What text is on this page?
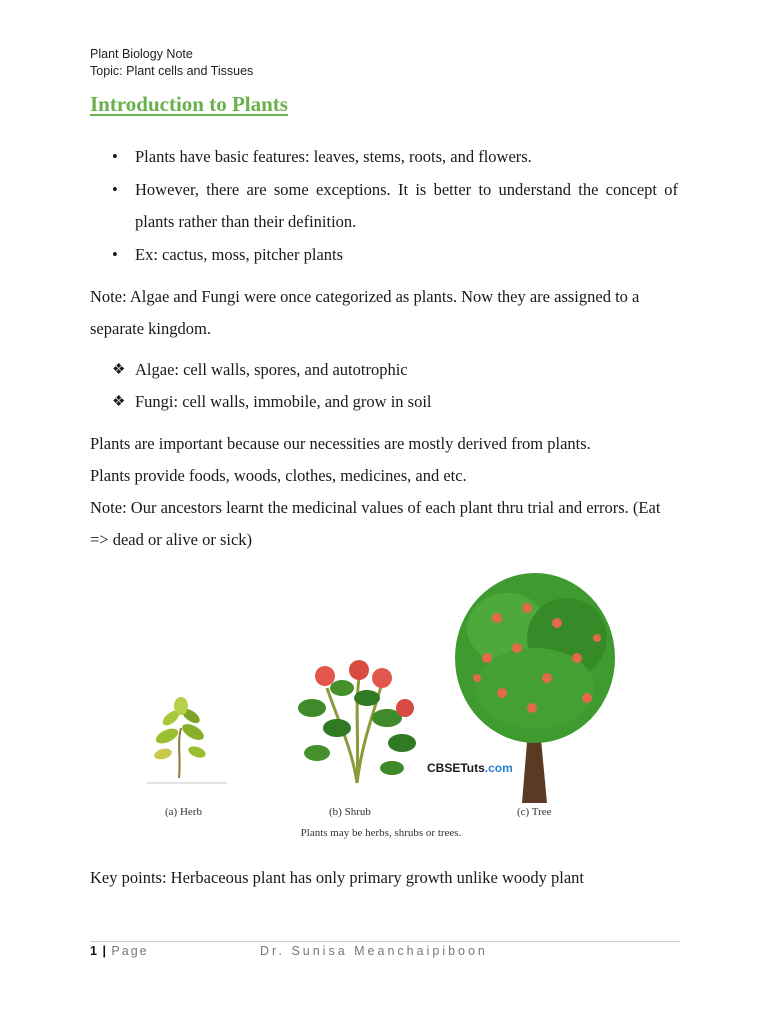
Plant Biology Note
Topic: Plant cells and Tissues
Introduction to Plants
• Plants have basic features: leaves, stems, roots, and flowers.
• However, there are some exceptions. It is better to understand the concept of plants rather than their definition.
• Ex: cactus, moss, pitcher plants

Note: Algae and Fungi were once categorized as plants. Now they are assigned to a separate kingdom.

❖ Algae: cell walls, spores, and autotrophic
❖ Fungi: cell walls, immobile, and grow in soil

Plants are important because our necessities are mostly derived from plants.
Plants provide foods, woods, clothes, medicines, and etc.
Note: Our ancestors learnt the medicinal values of each plant thru trial and errors. (Eat => dead or alive or sick)

CBSETuts.com
(a) Herb	(b) Shrub	(c) Tree
Plants may be herbs, shrubs or trees.

Key points: Herbaceous plant has only primary growth unlike woody plant

1 | Page	Dr. Sunisa Meanchaipiboon
